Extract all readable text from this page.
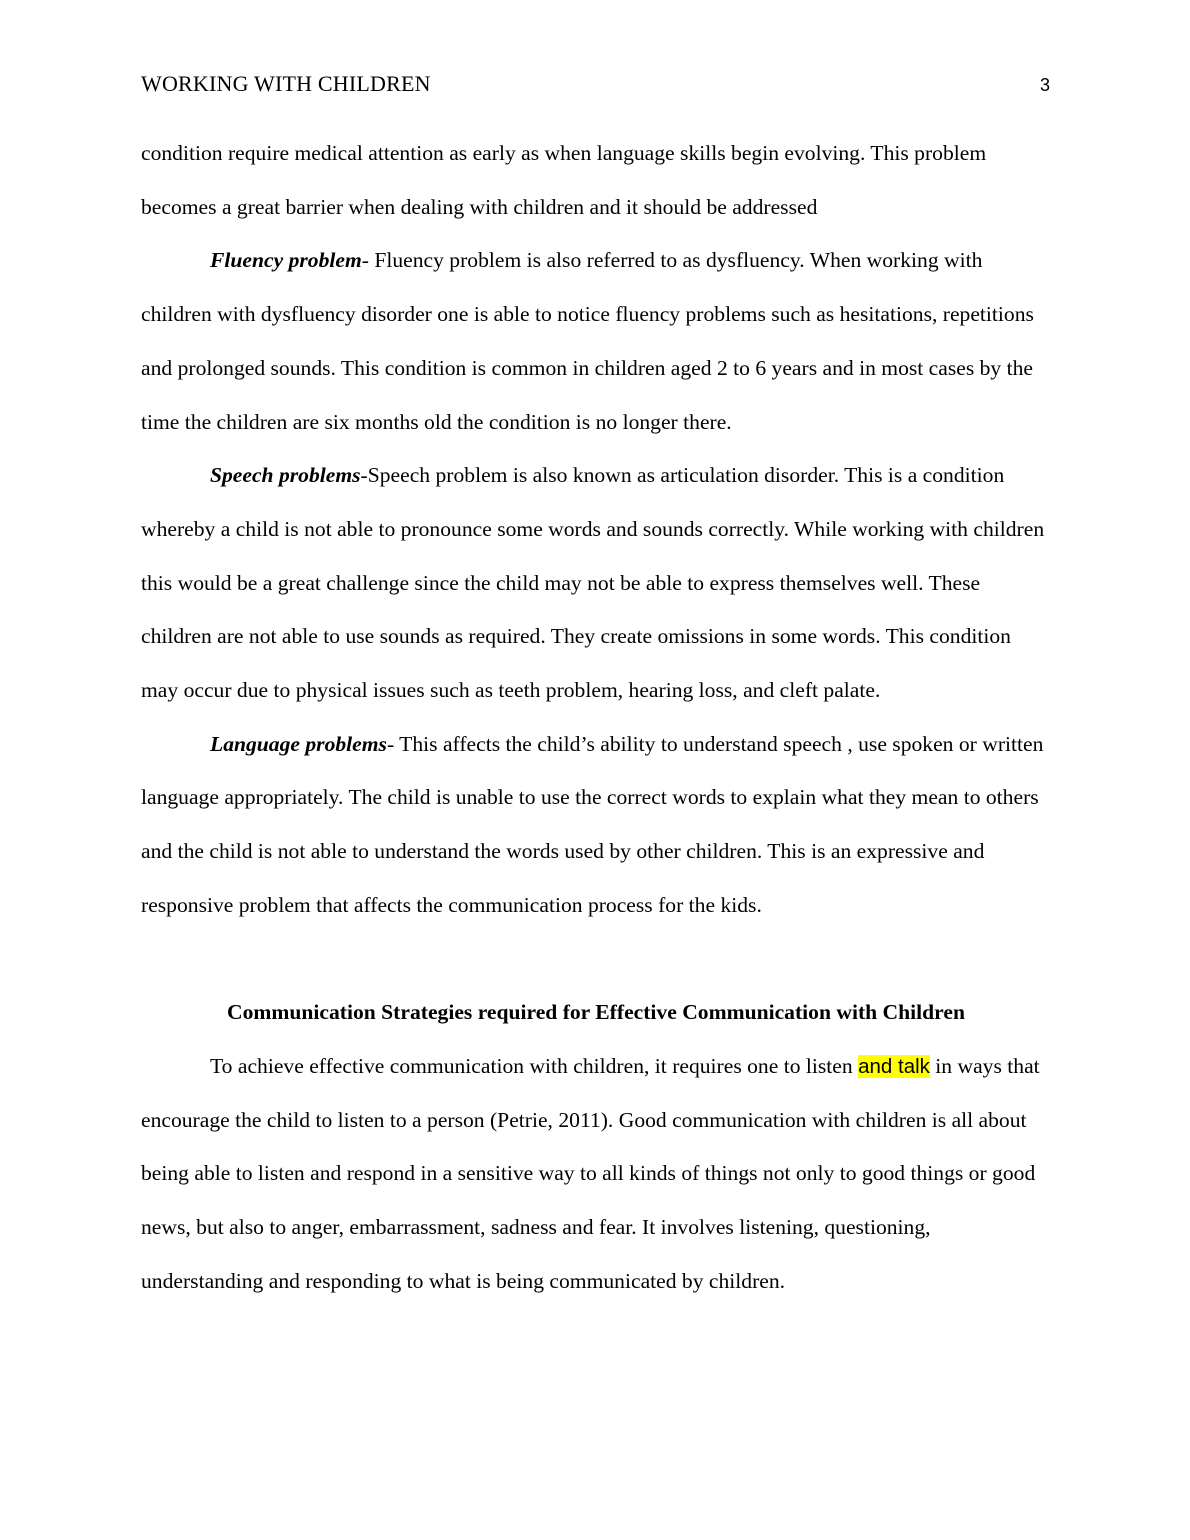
WORKING WITH CHILDREN	3

condition require medical attention as early as when language skills begin evolving. This problem becomes a great barrier when dealing with children and it should be addressed

Fluency problem- Fluency problem is also referred to as dysfluency. When working with children with dysfluency disorder one is able to notice fluency problems such as hesitations, repetitions and prolonged sounds. This condition is common in children aged 2 to 6 years and in most cases by the time the children are six months old the condition is no longer there.

Speech problems-Speech problem is also known as articulation disorder. This is a condition whereby a child is not able to pronounce some words and sounds correctly. While working with children this would be a great challenge since the child may not be able to express themselves well. These children are not able to use sounds as required. They create omissions in some words. This condition may occur due to physical issues such as teeth problem, hearing loss, and cleft palate.

Language problems- This affects the child’s ability to understand speech , use spoken or written language appropriately. The child is unable to use the correct words to explain what they mean to others and the child is not able to understand the words used by other children. This is an expressive and responsive problem that affects the communication process for the kids.

Communication Strategies required for Effective Communication with Children

To achieve effective communication with children, it requires one to listen and talk in ways that encourage the child to listen to a person (Petrie, 2011). Good communication with children is all about being able to listen and respond in a sensitive way to all kinds of things not only to good things or good news, but also to anger, embarrassment, sadness and fear. It involves listening, questioning, understanding and responding to what is being communicated by children.
